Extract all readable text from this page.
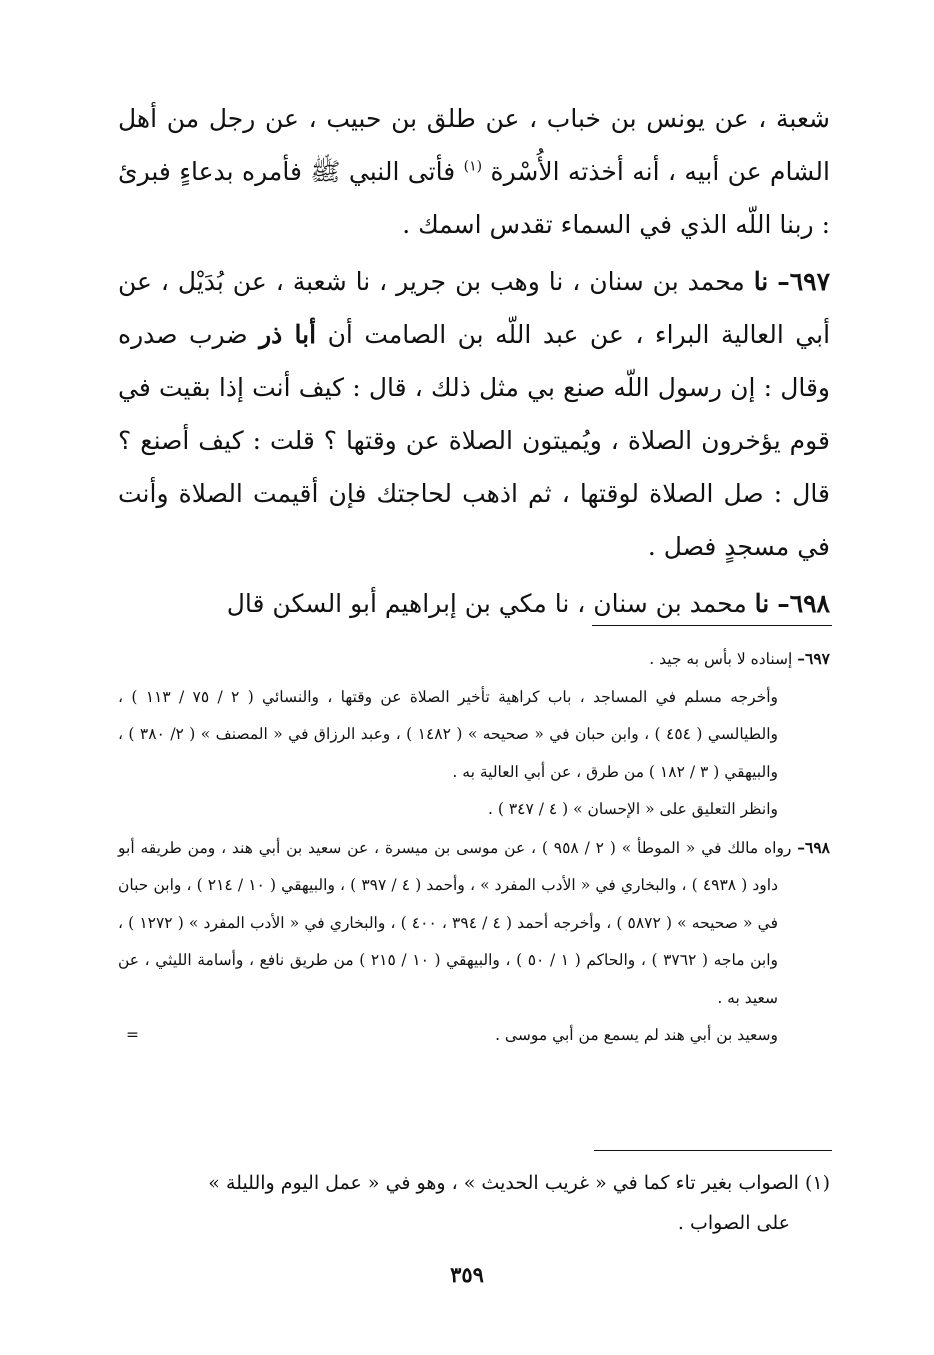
شعبة ، عن يونس بن خباب ، عن طلق بن حبيب ، عن رجل من أهل الشام عن أبيه ، أنه أخذته الأُسْرة $^{(١)}$ فأتى النبي ﷺ فأمره بدعاءٍ فبرئ : ربنا اللّه الذي في السماء تقدس اسمك .

٦٩٧– نا محمد بن سنان ، نا وهب بن جرير ، نا شعبة ، عن بُدَيْل ، عن أبي العالية البراء ، عن عبد اللّه بن الصامت أن أبا ذر ضرب صدره وقال : إن رسول اللّه صنع بي مثل ذلك ، قال : كيف أنت إذا بقيت في قوم يؤخرون الصلاة ، ويُميتون الصلاة عن وقتها ؟ قلت : كيف أصنع ؟ قال : صل الصلاة لوقتها ، ثم اذهب لحاجتك فإن أقيمت الصلاة وأنت في مسجدٍ فصل .

٦٩٨– نا محمد بن سنان ، نا مكي بن إبراهيم أبو السكن قال

٦٩٧– إسناده لا بأس به جيد .

وأخرجه مسلم في المساجد ، باب كراهية تأخير الصلاة عن وقتها ، والنسائي ( ٢ / ٧٥ / ١١٣ ) ، والطيالسي ( ٤٥٤ ) ، وابن حبان في « صحيحه » ( ١٤٨٢ ) ، وعبد الرزاق في « المصنف » ( ٢/ ٣٨٠ ) ، والبيهقي ( ٣ / ١٨٢ ) من طرق ، عن أبي العالية به .

وانظر التعليق على « الإحسان » ( ٤ / ٣٤٧ ) .

٦٩٨– رواه مالك في « الموطأ » ( ٢ / ٩٥٨ ) ، عن موسى بن ميسرة ، عن سعيد بن أبي هند ، ومن طريقه أبو داود ( ٤٩٣٨ ) ، والبخاري في « الأدب المفرد » ، وأحمد ( ٤ / ٣٩٧ ) ، والبيهقي ( ١٠ / ٢١٤ ) ، وابن حبان في « صحيحه » ( ٥٨٧٢ ) ، وأخرجه أحمد ( ٤ / ٣٩٤ ، ٤٠٠ ) ، والبخاري في « الأدب المفرد » ( ١٢٧٢ ) ، وابن ماجه ( ٣٧٦٢ ) ، والحاكم ( ١ / ٥٠ ) ، والبيهقي ( ١٠ / ٢١٥ ) من طريق نافع ، وأسامة الليثي ، عن سعيد به .

وسعيد بن أبي هند لم يسمع من أبي موسى .
=

(١) الصواب بغير تاء كما في « غريب الحديث » ، وهو في « عمل اليوم والليلة »

على الصواب .

٣٥٩
